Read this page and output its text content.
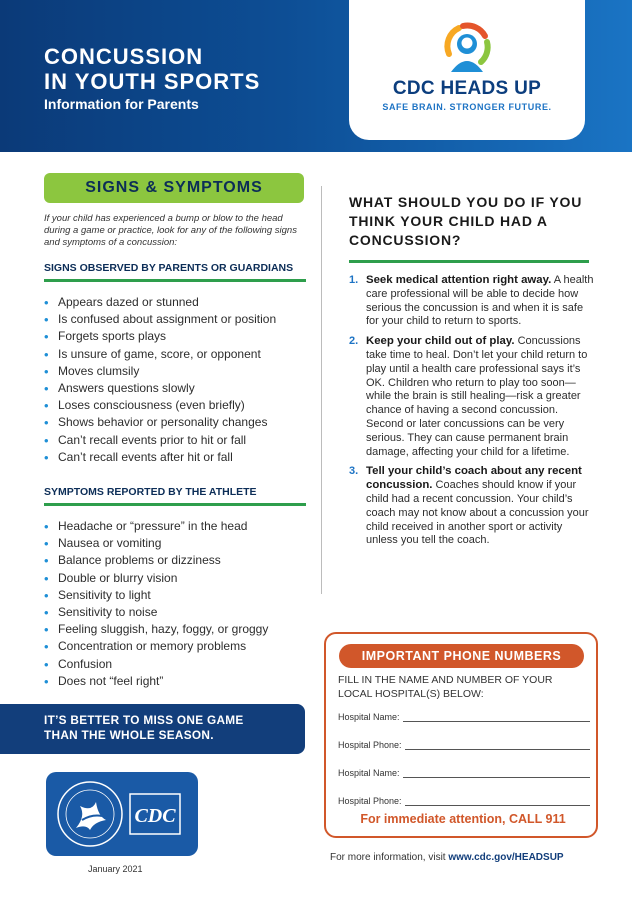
CONCUSSION
IN YOUTH SPORTS
Information for Parents
CDC HEADS UP
SAFE BRAIN. STRONGER FUTURE.
SIGNS & SYMPTOMS
If your child has experienced a bump or blow to the head during a game or practice, look for any of the following signs and symptoms of a concussion:
SIGNS OBSERVED BY PARENTS OR GUARDIANS
• Appears dazed or stunned
• Is confused about assignment or position
• Forgets sports plays
• Is unsure of game, score, or opponent
• Moves clumsily
• Answers questions slowly
• Loses consciousness (even briefly)
• Shows behavior or personality changes
• Can’t recall events prior to hit or fall
• Can’t recall events after hit or fall
SYMPTOMS REPORTED BY THE ATHLETE
• Headache or “pressure” in the head
• Nausea or vomiting
• Balance problems or dizziness
• Double or blurry vision
• Sensitivity to light
• Sensitivity to noise
• Feeling sluggish, hazy, foggy, or groggy
• Concentration or memory problems
• Confusion
• Does not “feel right”
IT’S BETTER TO MISS ONE GAME
THAN THE WHOLE SEASON.
CDC
January 2021
WHAT SHOULD YOU DO IF YOU THINK YOUR CHILD HAD A CONCUSSION?
1. Seek medical attention right away. A health care professional will be able to decide how serious the concussion is and when it is safe for your child to return to sports.
2. Keep your child out of play. Concussions take time to heal. Don’t let your child return to play until a health care professional says it’s OK. Children who return to play too soon—while the brain is still healing—risk a greater chance of having a second concussion. Second or later concussions can be very serious. They can cause permanent brain damage, affecting your child for a lifetime.
3. Tell your child’s coach about any recent concussion. Coaches should know if your child had a recent concussion. Your child’s coach may not know about a concussion your child received in another sport or activity unless you tell the coach.
IMPORTANT PHONE NUMBERS
FILL IN THE NAME AND NUMBER OF YOUR LOCAL HOSPITAL(S) BELOW:
Hospital Name:
Hospital Phone:
Hospital Name:
Hospital Phone:
For immediate attention, CALL 911
For more information, visit www.cdc.gov/HEADSUP
